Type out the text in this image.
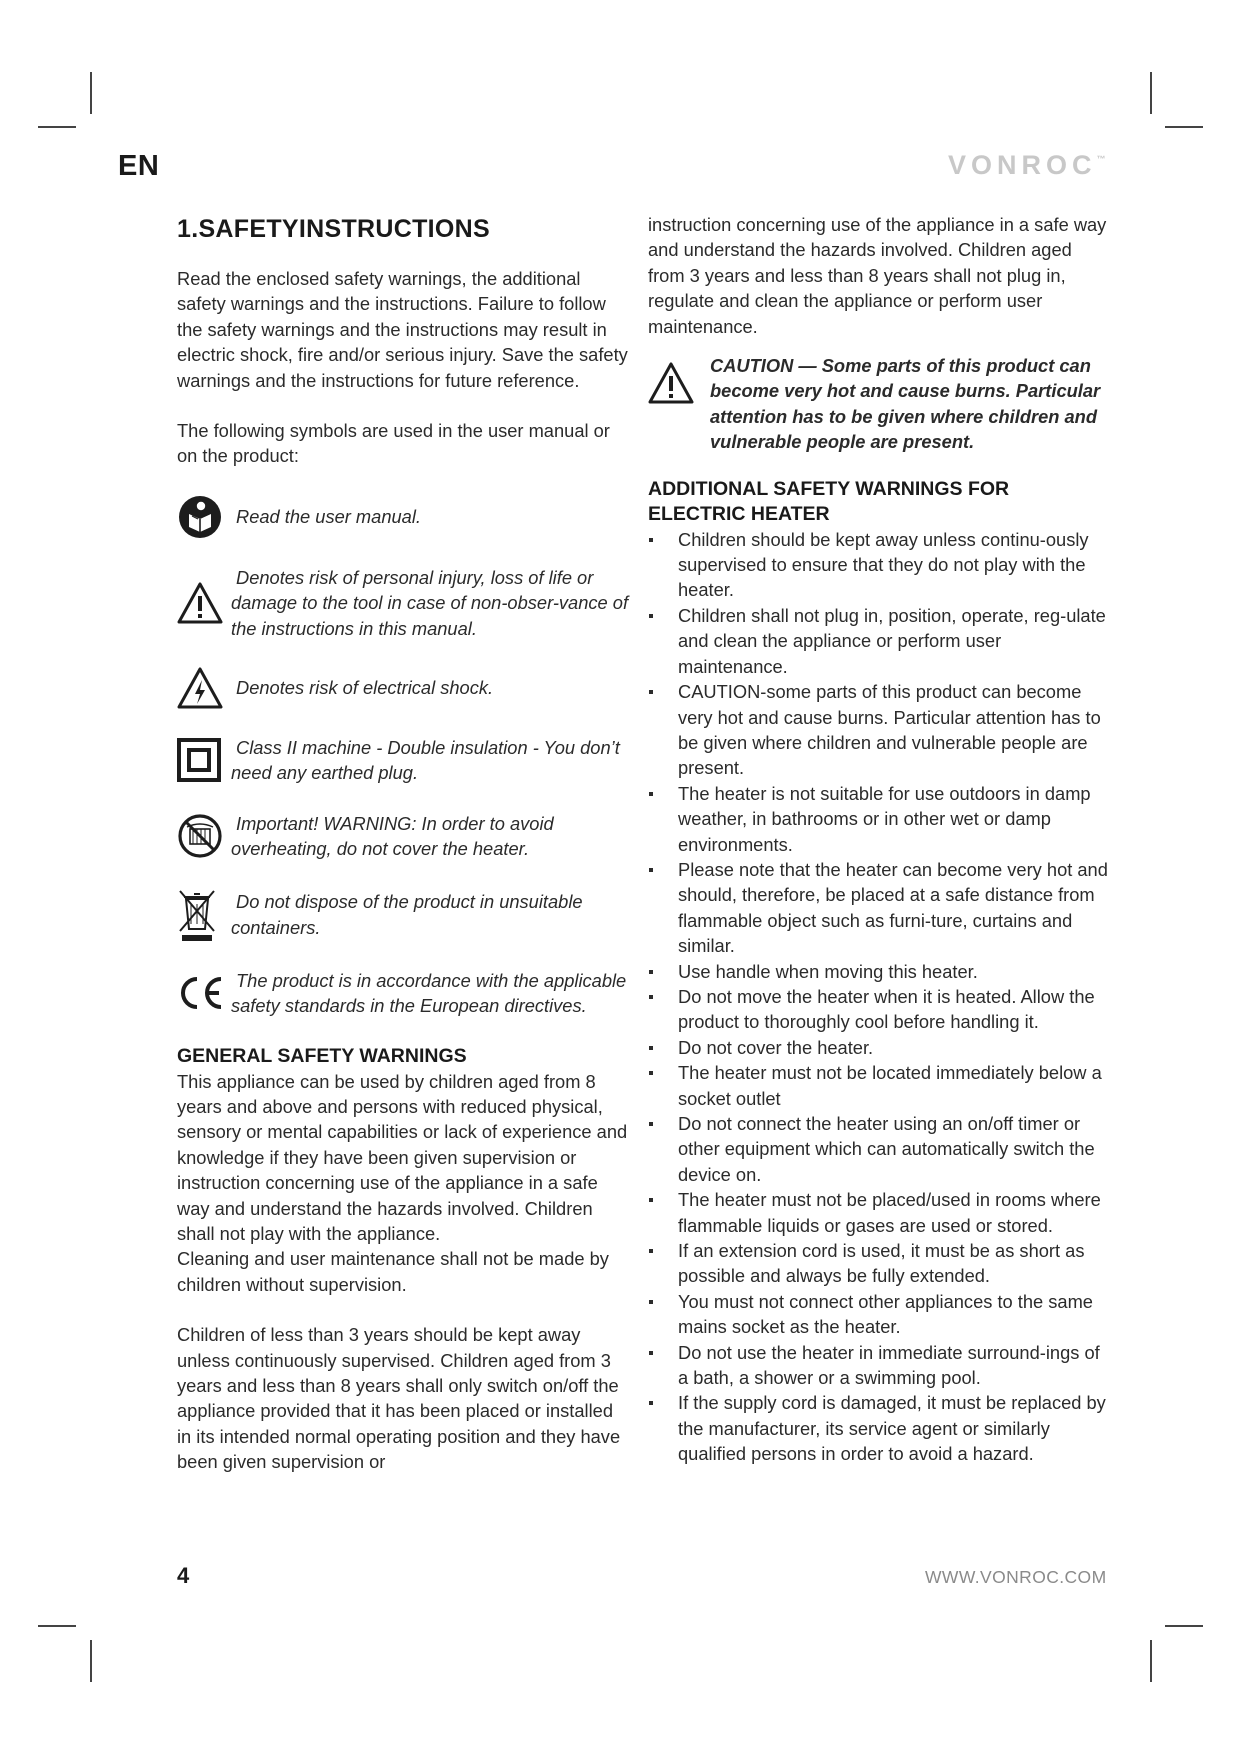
EN	VONROC™
1.SAFETYINSTRUCTIONS

Read the enclosed safety warnings, the additional safety warnings and the instructions. Failure to follow the safety warnings and the instructions may result in electric shock, fire and/or serious injury. Save the safety warnings and the instructions for future reference.

The following symbols are used in the user manual or on the product:

Read the user manual.
Denotes risk of personal injury, loss of life or damage to the tool in case of non-obser-vance of the instructions in this manual.
Denotes risk of electrical shock.
Class II machine - Double insulation - You don’t need any earthed plug.
Important! WARNING: In order to avoid overheating, do not cover the heater.
Do not dispose of the product in unsuitable containers.
The product is in accordance with the applicable safety standards in the European directives.
GENERAL SAFETY WARNINGS

This appliance can be used by children aged from 8 years and above and persons with reduced physical, sensory or mental capabilities or lack of experience and knowledge if they have been given supervision or instruction concerning use of the appliance in a safe way and understand the hazards involved. Children shall not play with the appliance.

Cleaning and user maintenance shall not be made by children without supervision.

Children of less than 3 years should be kept away unless continuously supervised. Children aged from 3 years and less than 8 years shall only switch on/off the appliance provided that it has been placed or installed in its intended normal operating position and they have been given supervision or

instruction concerning use of the appliance in a safe way and understand the hazards involved. Children aged from 3 years and less than 8 years shall not plug in, regulate and clean the appliance or perform user maintenance.

CAUTION — Some parts of this product can become very hot and cause burns. Particular attention has to be given where children and vulnerable people are present.
ADDITIONAL SAFETY WARNINGS FOR ELECTRIC HEATER
Children should be kept away unless continu-ously supervised to ensure that they do not play with the heater.
Children shall not plug in, position, operate, reg-ulate and clean the appliance or perform user maintenance.
CAUTION-some parts of this product can become very hot and cause burns. Particular attention has to be given where children and vulnerable people are present.
The heater is not suitable for use outdoors in damp weather, in bathrooms or in other wet or damp environments.
Please note that the heater can become very hot and should, therefore, be placed at a safe distance from flammable object such as furni-ture, curtains and similar.
Use handle when moving this heater.
Do not move the heater when it is heated. Allow the product to thoroughly cool before handling it.
Do not cover the heater.
The heater must not be located immediately below a socket outlet
Do not connect the heater using an on/off timer or other equipment which can automatically switch the device on.
The heater must not be placed/used in rooms where flammable liquids or gases are used or stored.
If an extension cord is used, it must be as short as possible and always be fully extended.
You must not connect other appliances to the same mains socket as the heater.
Do not use the heater in immediate surround-ings of a bath, a shower or a swimming pool.
If the supply cord is damaged, it must be replaced by the manufacturer, its service agent or similarly qualified persons in order to avoid a hazard.
4	WWW.VONROC.COM
